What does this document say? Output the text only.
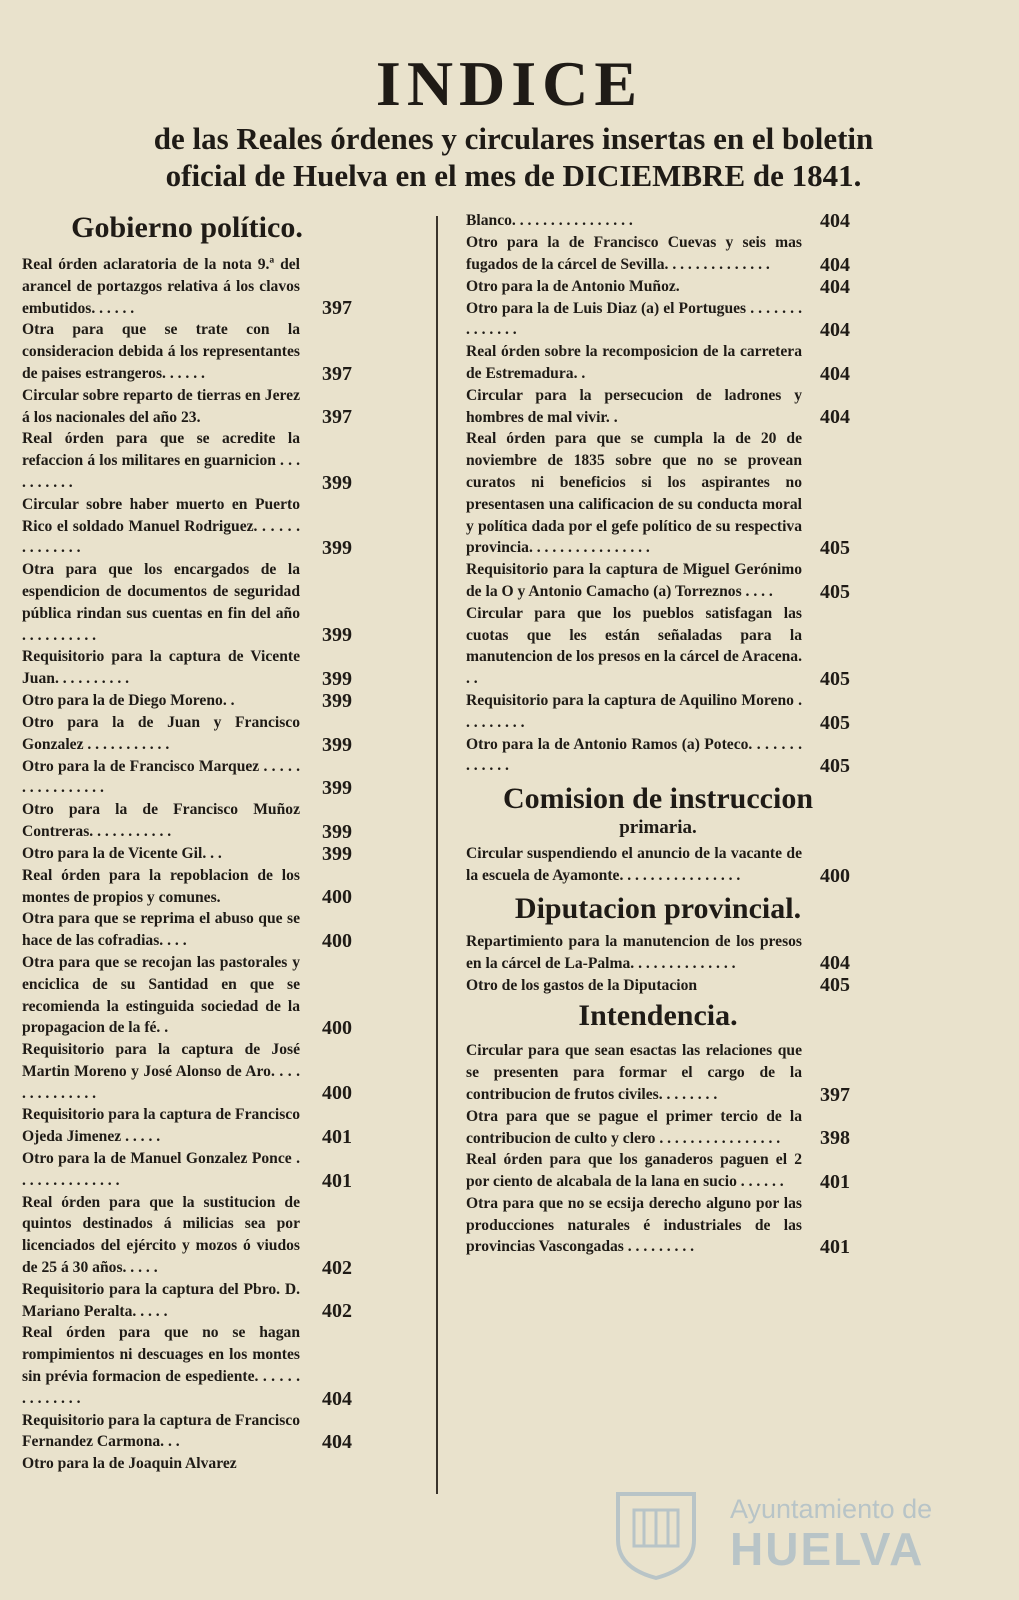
INDICE

de las Reales órdenes y circulares insertas en el boletin

oficial de Huelva en el mes de DICIEMBRE de 1841.

Gobierno político.
Real órden aclaratoria de la nota 9.ª del arancel de portazgos relativa á los clavos embutidos. . . . . .	397
Otra para que se trate con la consideracion debida á los representantes de paises estrangeros. . . . . .	397
Circular sobre reparto de tierras en Jerez á los nacionales del año 23.	397
Real órden para que se acredite la refaccion á los militares en guarnicion . . . . . . . . . .	399
Circular sobre haber muerto en Puerto Rico el soldado Manuel Rodriguez. . . . . . . . . . . . . .	399
Otra para que los encargados de la espendicion de documentos de seguridad pública rindan sus cuentas en fin del año . . . . . . . . . .	399
Requisitorio para la captura de Vicente Juan. . . . . . . . . .	399
Otro para la de Diego Moreno. .	399
Otro para la de Juan y Francisco Gonzalez . . . . . . . . . . .	399
Otro para la de Francisco Marquez . . . . . . . . . . . . . . . .	399
Otro para la de Francisco Muñoz Contreras. . . . . . . . . . .	399
Otro para la de Vicente Gil. . .	399
Real órden para la repoblacion de los montes de propios y comunes.	400
Otra para que se reprima el abuso que se hace de las cofradias. . . .	400
Otra para que se recojan las pastorales y enciclica de su Santidad en que se recomienda la estinguida sociedad de la propagacion de la fé. .	400
Requisitorio para la captura de José Martin Moreno y José Alonso de Aro. . . . . . . . . . . . . .	400
Requisitorio para la captura de Francisco Ojeda Jimenez . . . . .	401
Otro para la de Manuel Gonzalez Ponce . . . . . . . . . . . . . .	401
Real órden para que la sustitucion de quintos destinados á milicias sea por licenciados del ejército y mozos ó viudos de 25 á 30 años. . . . .	402
Requisitorio para la captura del Pbro. D. Mariano Peralta. . . . .	402
Real órden para que no se hagan rompimientos ni descuages en los montes sin prévia formacion de espediente. . . . . . . . . . . . . .	404
Requisitorio para la captura de Francisco Fernandez Carmona. . .	404
Otro para la de Joaquin Alvarez
Blanco. . . . . . . . . . . . . . . .	404
Otro para la de Francisco Cuevas y seis mas fugados de la cárcel de Sevilla. . . . . . . . . . . . . .	404
Otro para la de Antonio Muñoz.	404
Otro para la de Luis Diaz (a) el Portugues . . . . . . . . . . . . . .	404
Real órden sobre la recomposicion de la carretera de Estremadura. .	404
Circular para la persecucion de ladrones y hombres de mal vivir. .	404
Real órden para que se cumpla la de 20 de noviembre de 1835 sobre que no se provean curatos ni beneficios si los aspirantes no presentasen una calificacion de su conducta moral y política dada por el gefe político de su respectiva provincia. . . . . . . . . . . . . . . .	405
Requisitorio para la captura de Miguel Gerónimo de la O y Antonio Camacho (a) Torreznos . . . .	405
Circular para que los pueblos satisfagan las cuotas que les están señaladas para la manutencion de los presos en la cárcel de Aracena. . .	405
Requisitorio para la captura de Aquilino Moreno . . . . . . . . .	405
Otro para la de Antonio Ramos (a) Poteco. . . . . . . . . . . . .	405
Comision de instruccion
primaria.
Circular suspendiendo el anuncio de la vacante de la escuela de Ayamonte. . . . . . . . . . . . . . . .	400
Diputacion provincial.
Repartimiento para la manutencion de los presos en la cárcel de La-Palma. . . . . . . . . . . . . .	404
Otro de los gastos de la Diputacion	405
Intendencia.
Circular para que sean esactas las relaciones que se presenten para formar el cargo de la contribucion de frutos civiles. . . . . . . .	397
Otra para que se pague el primer tercio de la contribucion de culto y clero . . . . . . . . . . . . . . . .	398
Real órden para que los ganaderos paguen el 2 por ciento de alcabala de la lana en sucio . . . . . .	401
Otra para que no se ecsija derecho alguno por las producciones naturales é industriales de las provincias Vascongadas . . . . . . . . .	401
Ayuntamiento de
HUELVA
